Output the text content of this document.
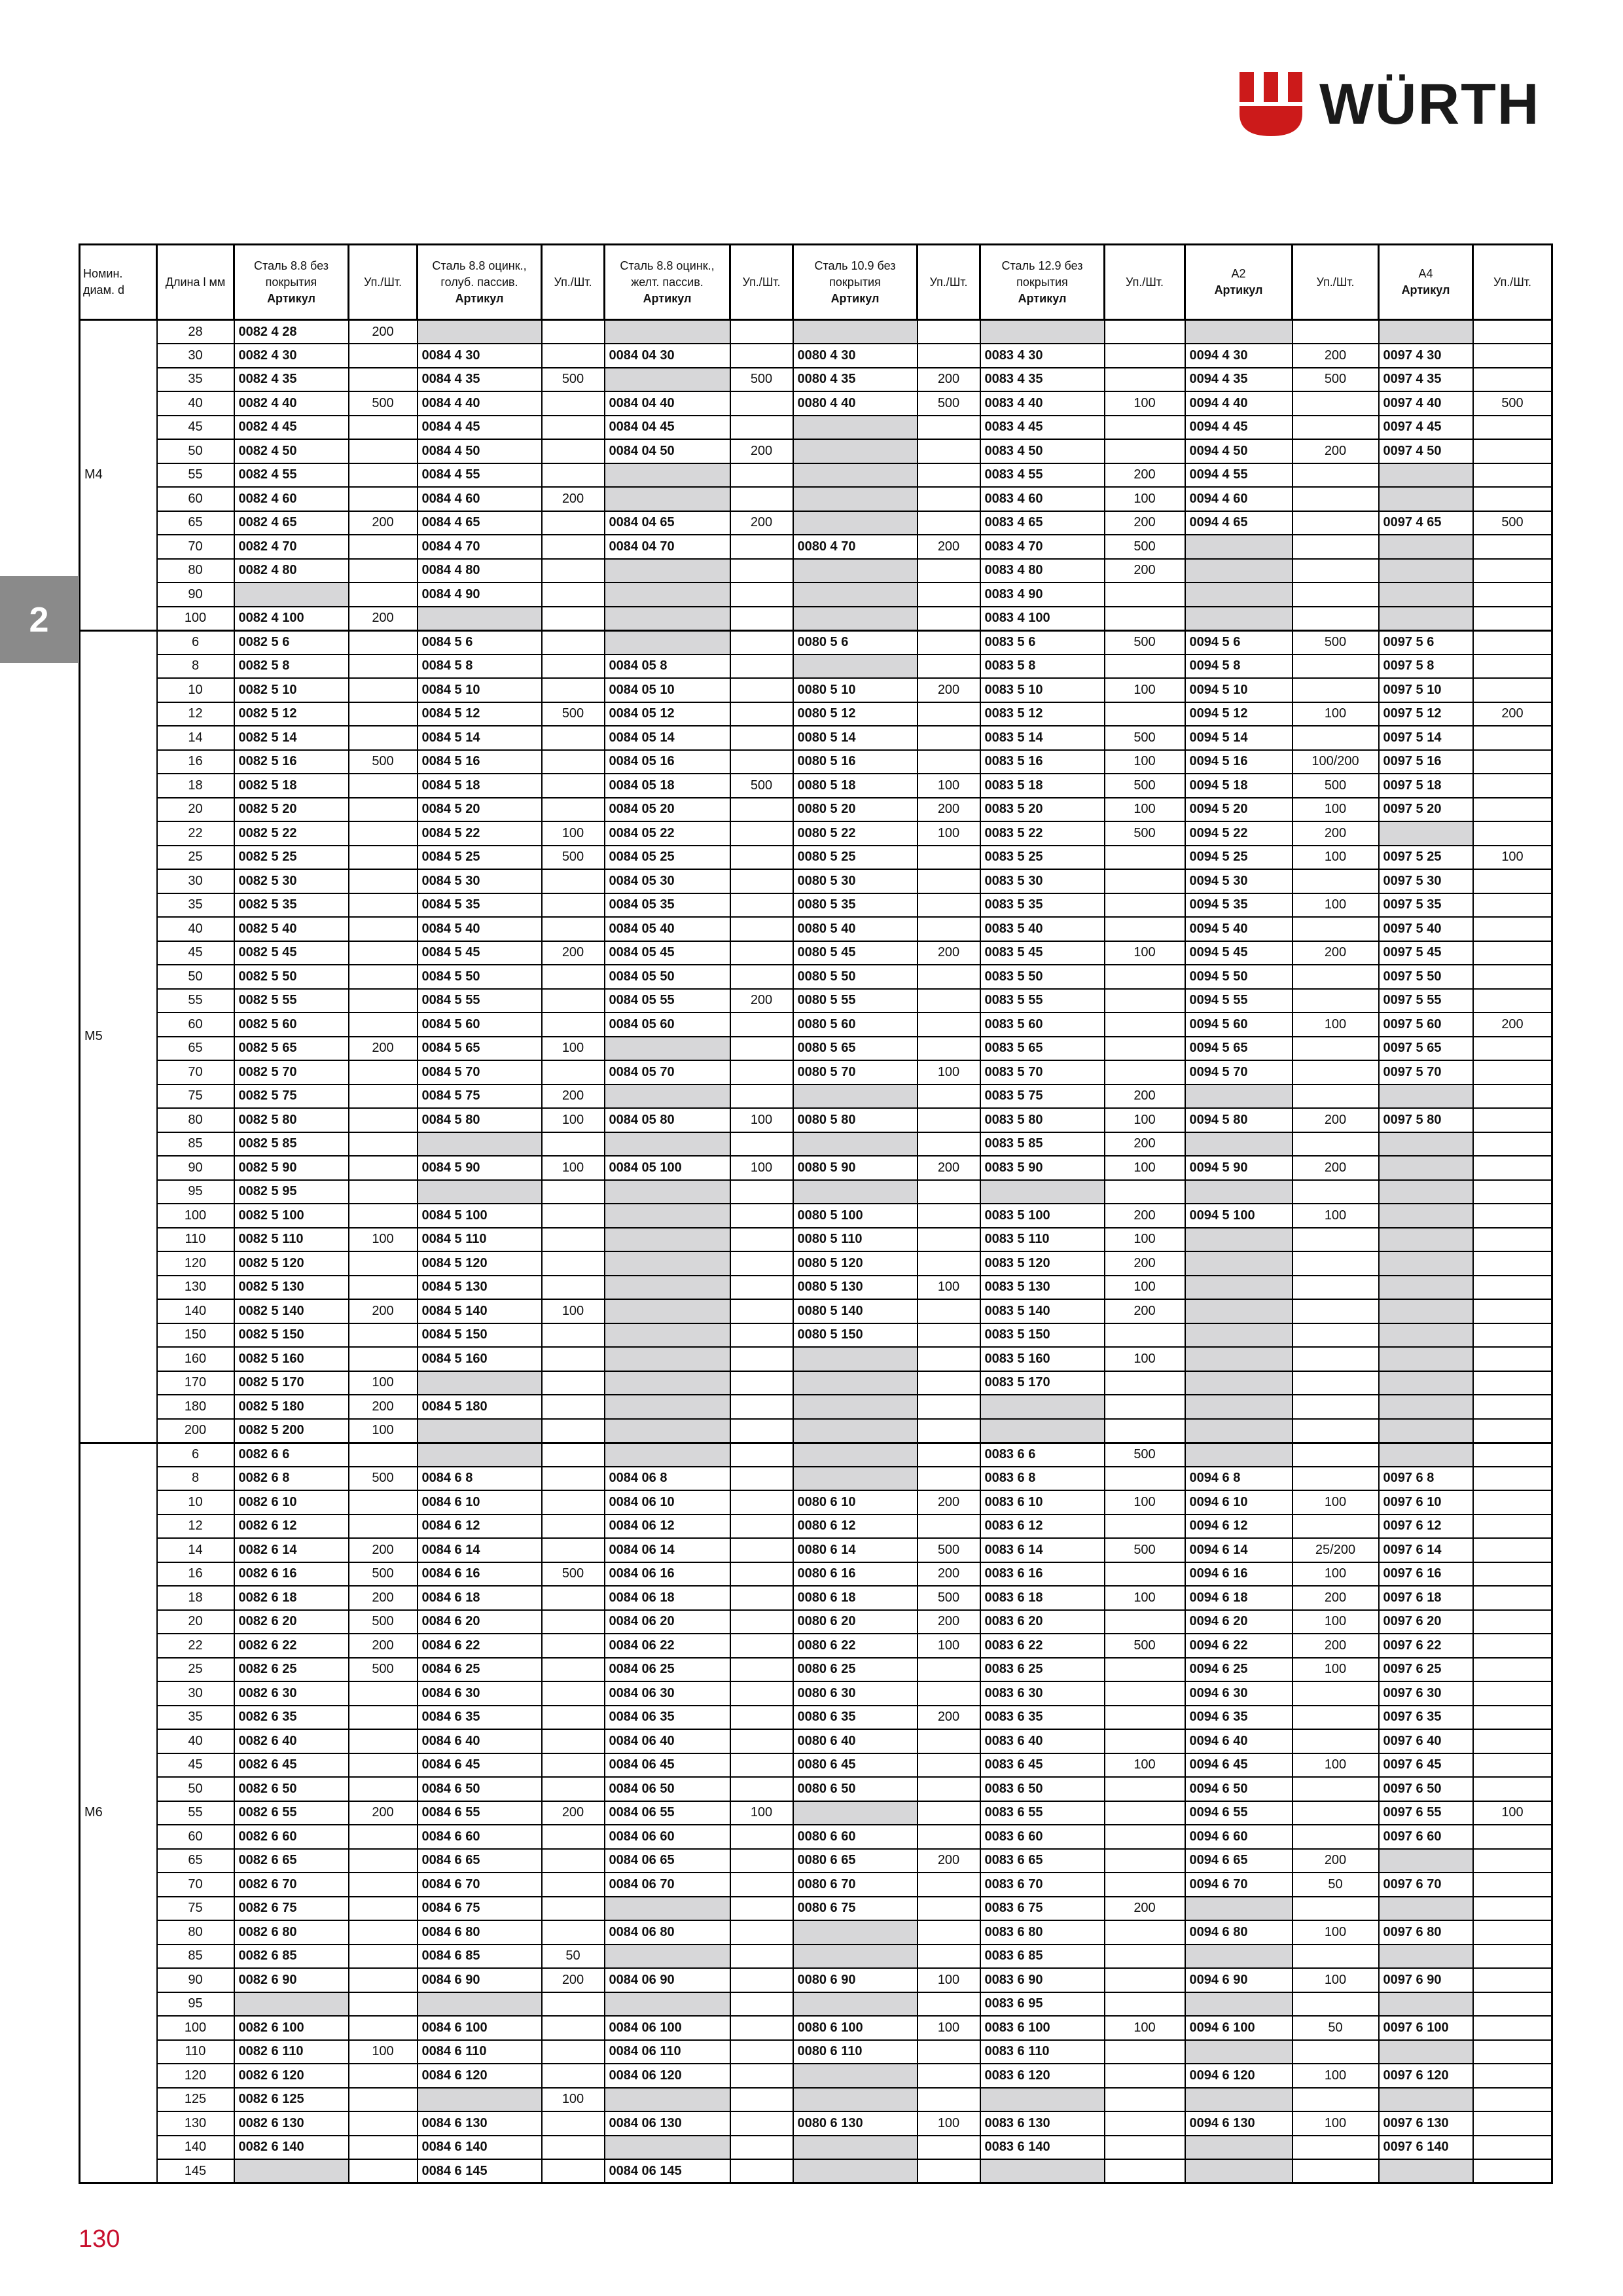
WÜRTH
2
Номин.
диам. d	Длина l мм	Сталь 8.8 без
покрытия
Артикул	Уп./Шт.	Сталь 8.8 оцинк.,
голуб. пассив.
Артикул	Уп./Шт.	Сталь 8.8 оцинк.,
желт. пассив.
Артикул	Уп./Шт.	Сталь 10.9 без
покрытия
Артикул	Уп./Шт.	Сталь 12.9 без
покрытия
Артикул	Уп./Шт.	A2
Артикул	Уп./Шт.	A4
Артикул	Уп./Шт.	

M4	28	0082 4 28	200													
	30	0082 4 30		0084 4 30		0084 04 30		0080 4 30		0083 4 30		0094 4 30	200	0097 4 30		
	35	0082 4 35		0084 4 35	500		500	0080 4 35	200	0083 4 35		0094 4 35	500	0097 4 35		
	40	0082 4 40	500	0084 4 40		0084 04 40		0080 4 40	500	0083 4 40	100	0094 4 40		0097 4 40	500	
	45	0082 4 45		0084 4 45		0084 04 45				0083 4 45		0094 4 45		0097 4 45		
	50	0082 4 50		0084 4 50		0084 04 50	200			0083 4 50		0094 4 50	200	0097 4 50		
	55	0082 4 55		0084 4 55						0083 4 55	200	0094 4 55				
	60	0082 4 60		0084 4 60	200					0083 4 60	100	0094 4 60				
	65	0082 4 65	200	0084 4 65		0084 04 65	200			0083 4 65	200	0094 4 65		0097 4 65	500	
	70	0082 4 70		0084 4 70		0084 04 70		0080 4 70	200	0083 4 70	500					
	80	0082 4 80		0084 4 80						0083 4 80	200					
	90			0084 4 90						0083 4 90						
	100	0082 4 100	200							0083 4 100						
M5	6	0082 5 6		0084 5 6				0080 5 6		0083 5 6	500	0094 5 6	500	0097 5 6		
	8	0082 5 8		0084 5 8		0084 05 8				0083 5 8		0094 5 8		0097 5 8		
	10	0082 5 10		0084 5 10		0084 05 10		0080 5 10	200	0083 5 10	100	0094 5 10		0097 5 10		
	12	0082 5 12		0084 5 12	500	0084 05 12		0080 5 12		0083 5 12		0094 5 12	100	0097 5 12	200	
	14	0082 5 14		0084 5 14		0084 05 14		0080 5 14		0083 5 14	500	0094 5 14		0097 5 14		
	16	0082 5 16	500	0084 5 16		0084 05 16		0080 5 16		0083 5 16	100	0094 5 16	100/200	0097 5 16		
	18	0082 5 18		0084 5 18		0084 05 18	500	0080 5 18	100	0083 5 18	500	0094 5 18	500	0097 5 18		
	20	0082 5 20		0084 5 20		0084 05 20		0080 5 20	200	0083 5 20	100	0094 5 20	100	0097 5 20		
	22	0082 5 22		0084 5 22	100	0084 05 22		0080 5 22	100	0083 5 22	500	0094 5 22	200			
	25	0082 5 25		0084 5 25	500	0084 05 25		0080 5 25		0083 5 25		0094 5 25	100	0097 5 25	100	
	30	0082 5 30		0084 5 30		0084 05 30		0080 5 30		0083 5 30		0094 5 30		0097 5 30		
	35	0082 5 35		0084 5 35		0084 05 35		0080 5 35		0083 5 35		0094 5 35	100	0097 5 35		
	40	0082 5 40		0084 5 40		0084 05 40		0080 5 40		0083 5 40		0094 5 40		0097 5 40		
	45	0082 5 45		0084 5 45	200	0084 05 45		0080 5 45	200	0083 5 45	100	0094 5 45	200	0097 5 45		
	50	0082 5 50		0084 5 50		0084 05 50		0080 5 50		0083 5 50		0094 5 50		0097 5 50		
	55	0082 5 55		0084 5 55		0084 05 55	200	0080 5 55		0083 5 55		0094 5 55		0097 5 55		
	60	0082 5 60		0084 5 60		0084 05 60		0080 5 60		0083 5 60		0094 5 60	100	0097 5 60	200	
	65	0082 5 65	200	0084 5 65	100			0080 5 65		0083 5 65		0094 5 65		0097 5 65		
	70	0082 5 70		0084 5 70		0084 05 70		0080 5 70	100	0083 5 70		0094 5 70		0097 5 70		
	75	0082 5 75		0084 5 75	200					0083 5 75	200					
	80	0082 5 80		0084 5 80	100	0084 05 80	100	0080 5 80		0083 5 80	100	0094 5 80	200	0097 5 80		
	85	0082 5 85								0083 5 85	200					
	90	0082 5 90		0084 5 90	100	0084 05 100	100	0080 5 90	200	0083 5 90	100	0094 5 90	200			
	95	0082 5 95														
	100	0082 5 100		0084 5 100				0080 5 100		0083 5 100	200	0094 5 100	100			
	110	0082 5 110	100	0084 5 110				0080 5 110		0083 5 110	100					
	120	0082 5 120		0084 5 120				0080 5 120		0083 5 120	200					
	130	0082 5 130		0084 5 130				0080 5 130	100	0083 5 130	100					
	140	0082 5 140	200	0084 5 140	100			0080 5 140		0083 5 140	200					
	150	0082 5 150		0084 5 150				0080 5 150		0083 5 150						
	160	0082 5 160		0084 5 160						0083 5 160	100					
	170	0082 5 170	100							0083 5 170						
	180	0082 5 180	200	0084 5 180												
	200	0082 5 200	100													
M6	6	0082 6 6								0083 6 6	500					
	8	0082 6 8	500	0084 6 8		0084 06 8				0083 6 8		0094 6 8		0097 6 8		
	10	0082 6 10		0084 6 10		0084 06 10		0080 6 10	200	0083 6 10	100	0094 6 10	100	0097 6 10		
	12	0082 6 12		0084 6 12		0084 06 12		0080 6 12		0083 6 12		0094 6 12		0097 6 12		
	14	0082 6 14	200	0084 6 14		0084 06 14		0080 6 14	500	0083 6 14	500	0094 6 14	25/200	0097 6 14		
	16	0082 6 16	500	0084 6 16	500	0084 06 16		0080 6 16	200	0083 6 16		0094 6 16	100	0097 6 16		
	18	0082 6 18	200	0084 6 18		0084 06 18		0080 6 18	500	0083 6 18	100	0094 6 18	200	0097 6 18		
	20	0082 6 20	500	0084 6 20		0084 06 20		0080 6 20	200	0083 6 20		0094 6 20	100	0097 6 20		
	22	0082 6 22	200	0084 6 22		0084 06 22		0080 6 22	100	0083 6 22	500	0094 6 22	200	0097 6 22		
	25	0082 6 25	500	0084 6 25		0084 06 25		0080 6 25		0083 6 25		0094 6 25	100	0097 6 25		
	30	0082 6 30		0084 6 30		0084 06 30		0080 6 30		0083 6 30		0094 6 30		0097 6 30		
	35	0082 6 35		0084 6 35		0084 06 35		0080 6 35	200	0083 6 35		0094 6 35		0097 6 35		
	40	0082 6 40		0084 6 40		0084 06 40		0080 6 40		0083 6 40		0094 6 40		0097 6 40		
	45	0082 6 45		0084 6 45		0084 06 45		0080 6 45		0083 6 45	100	0094 6 45	100	0097 6 45		
	50	0082 6 50		0084 6 50		0084 06 50		0080 6 50		0083 6 50		0094 6 50		0097 6 50		
	55	0082 6 55	200	0084 6 55	200	0084 06 55	100			0083 6 55		0094 6 55		0097 6 55	100	
	60	0082 6 60		0084 6 60		0084 06 60		0080 6 60		0083 6 60		0094 6 60		0097 6 60		
	65	0082 6 65		0084 6 65		0084 06 65		0080 6 65	200	0083 6 65		0094 6 65	200			
	70	0082 6 70		0084 6 70		0084 06 70		0080 6 70		0083 6 70		0094 6 70	50	0097 6 70		
	75	0082 6 75		0084 6 75				0080 6 75		0083 6 75	200					
	80	0082 6 80		0084 6 80		0084 06 80				0083 6 80		0094 6 80	100	0097 6 80		
	85	0082 6 85		0084 6 85	50					0083 6 85						
	90	0082 6 90		0084 6 90	200	0084 06 90		0080 6 90	100	0083 6 90		0094 6 90	100	0097 6 90		
	95									0083 6 95						
	100	0082 6 100		0084 6 100		0084 06 100		0080 6 100	100	0083 6 100	100	0094 6 100	50	0097 6 100		
	110	0082 6 110	100	0084 6 110		0084 06 110		0080 6 110		0083 6 110						
	120	0082 6 120		0084 6 120		0084 06 120				0083 6 120		0094 6 120	100	0097 6 120		
	125	0082 6 125			100											
	130	0082 6 130		0084 6 130		0084 06 130		0080 6 130	100	0083 6 130		0094 6 130	100	0097 6 130		
	140	0082 6 140		0084 6 140						0083 6 140				0097 6 140		
	145			0084 6 145		0084 06 145										
130
